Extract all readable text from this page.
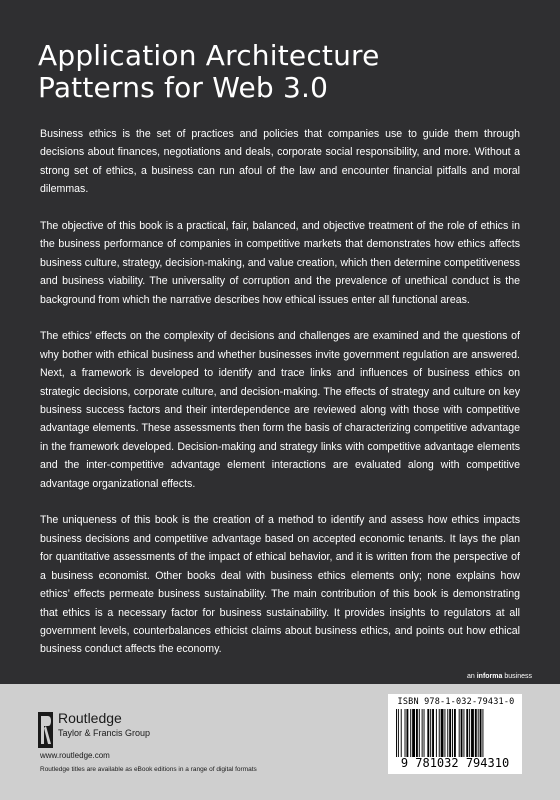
Application Architecture
Patterns for Web 3.0

Business ethics is the set of practices and policies that companies use to guide them through decisions about finances, negotiations and deals, corporate social responsibility, and more. Without a strong set of ethics, a business can run afoul of the law and encounter financial pitfalls and moral dilemmas.

The objective of this book is a practical, fair, balanced, and objective treatment of the role of ethics in the business performance of companies in competitive markets that demonstrates how ethics affects business culture, strategy, decision-making, and value creation, which then determine competitiveness and business viability. The universality of corruption and the prevalence of unethical conduct is the background from which the narrative describes how ethical issues enter all functional areas.

The ethics’ effects on the complexity of decisions and challenges are examined and the questions of why bother with ethical business and whether businesses invite government regulation are answered. Next, a framework is developed to identify and trace links and influences of business ethics on strategic decisions, corporate culture, and decision-making. The effects of strategy and culture on key business success factors and their interdependence are reviewed along with those with competitive advantage elements. These assessments then form the basis of characterizing competitive advantage in the framework developed. Decision-making and strategy links with competitive advantage elements and the inter-competitive advantage element interactions are evaluated along with competitive advantage organizational effects.

The uniqueness of this book is the creation of a method to identify and assess how ethics impacts business decisions and competitive advantage based on accepted economic tenants. It lays the plan for quantitative assessments of the impact of ethical behavior, and it is written from the perspective of a business economist. Other books deal with business ethics elements only; none explains how ethics’ effects permeate business sustainability. The main contribution of this book is demonstrating that ethics is a necessary factor for business sustainability. It provides insights to regulators at all government levels, counterbalances ethicist claims about business ethics, and points out how ethical business conduct affects the economy.

an informa business
Routledge
Taylor & Francis Group
www.routledge.com
Routledge titles are available as eBook editions in a range of digital formats
ISBN 978-1-032-79431-0
9 781032 794310
